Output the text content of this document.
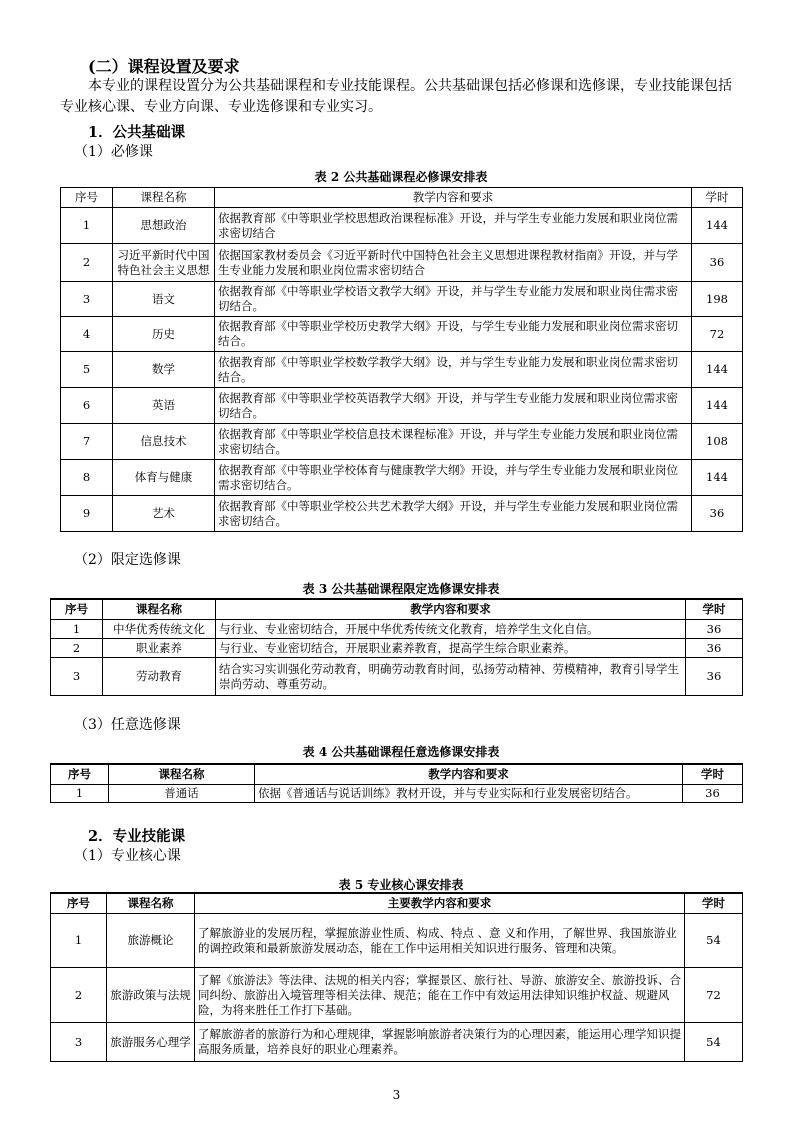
(二）课程设置及要求
本专业的课程设置分为公共基础课程和专业技能课程。公共基础课包括必修课和选修课，专业技能课包括专业核心课、专业方向课、专业选修课和专业实习。
1．公共基础课
（1）必修课
表 2 公共基础课程必修课安排表
序号	课程名称	教学内容和要求	学时
1	思想政治	依据教育部《中等职业学校思想政治课程标准》开设，并与学生专业能力发展和职业岗位需求密切结合	144
2	习近平新时代中国特色社会主义思想	依据国家教材委员会《习近平新时代中国特色社会主义思想进课程教材指南》开设，并与学生专业能力发展和职业岗位需求密切结合	36
3	语文	依据教育部《中等职业学校语文教学大纲》开设，并与学生专业能力发展和职业岗住需求密切结合。	198
4	历史	依据教育部《中等职业学校历史教学大纲》开设，与学生专业能力发展和职业岗位需求密切结合。	72
5	数学	依据教育部《中等职业学校数学教学大纲》设，并与学生专业能力发展和职业岗位需求密切结合。	144
6	英语	依据教育部《中等职业学校英语教学大纲》开设，并与学生专业能力发展和职业岗位需求密切结合。	144
7	信息技术	依据教育部《中等职业学校信息技术课程标准》开设，并与学生专业能力发展和职业岗位需求密切结合。	108
8	体育与健康	依据教育部《中等职业学校体育与健康教学大纲》开设，并与学生专业能力发展和职业岗位需求密切结合。	144
9	艺术	依据教育部《中等职业学校公共艺术教学大纲》开设，并与学生专业能力发展和职业岗位需求密切结合。	36
（2）限定选修课
表 3 公共基础课程限定选修课安排表
序号	课程名称	教学内容和要求	学时
1	中华优秀传统文化	与行业、专业密切结合，开展中华优秀传统文化教育，培养学生文化自信。	36
2	职业素养	与行业、专业密切结合，开展职业素养教育，提高学生综合职业素养。	36
3	劳动教育	结合实习实训强化劳动教育，明确劳动教育时间，弘扬劳动精神、劳模精神，教育引导学生崇尚劳动、尊重劳动。	36
（3）任意选修课
表 4 公共基础课程任意选修课安排表
序号	课程名称	教学内容和要求	学时
1	普通话	依据《普通话与说话训练》教材开设，并与专业实际和行业发展密切结合。	36
2．专业技能课
（1）专业核心课
表 5 专业核心课安排表
序号	课程名称	主要教学内容和要求	学时
1	旅游概论	了解旅游业的发展历程，掌握旅游业性质、构成、特点 、意 义和作用，了解世界、我国旅游业的调控政策和最新旅游发展动态，能在工作中运用相关知识进行服务、管理和决策。	54
2	旅游政策与法规	了解《旅游法》等法律、法规的相关内容；掌握景区、旅行社、导游、旅游安全、旅游投诉、合同纠纷、旅游出入境管理等相关法律、规范；能在工作中有效运用法律知识维护权益、规避风险，为将来胜任工作打下基础。	72
3	旅游服务心理学	了解旅游者的旅游行为和心理规律，掌握影响旅游者决策行为的心理因素，能运用心理学知识提高服务质量，培养良好的职业心理素养。	54
3
